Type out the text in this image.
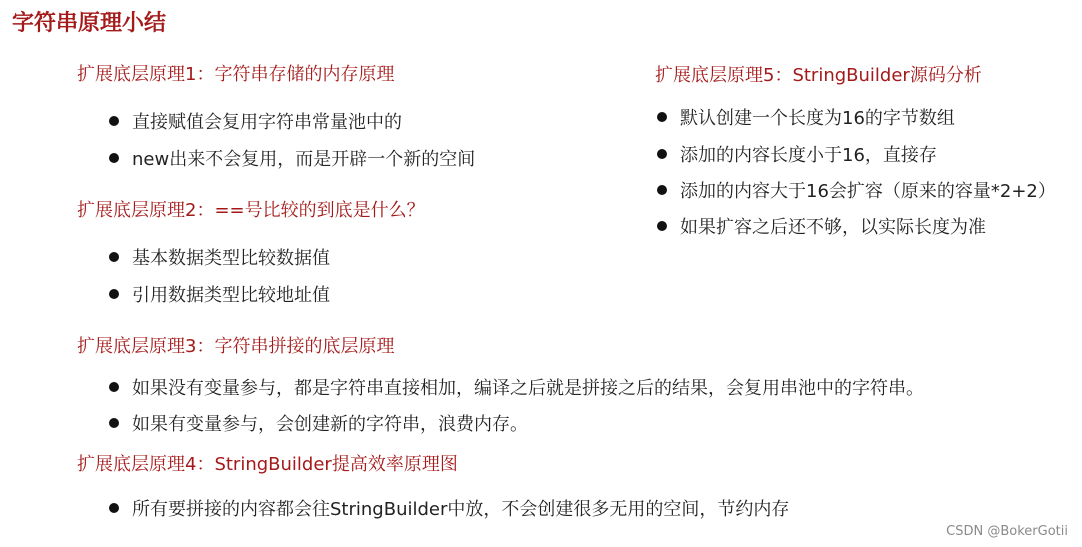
字符串原理小结
扩展底层原理1：字符串存储的内存原理
直接赋值会复用字符串常量池中的
new出来不会复用，而是开辟一个新的空间
扩展底层原理2：==号比较的到底是什么？
基本数据类型比较数据值
引用数据类型比较地址值
扩展底层原理3：字符串拼接的底层原理
如果没有变量参与，都是字符串直接相加，编译之后就是拼接之后的结果，会复用串池中的字符串。
如果有变量参与，会创建新的字符串，浪费内存。
扩展底层原理4：StringBuilder提高效率原理图
所有要拼接的内容都会往StringBuilder中放，不会创建很多无用的空间，节约内存
扩展底层原理5：StringBuilder源码分析
默认创建一个长度为16的字节数组
添加的内容长度小于16，直接存
添加的内容大于16会扩容（原来的容量*2+2）
如果扩容之后还不够，以实际长度为准
CSDN @BokerGotii
